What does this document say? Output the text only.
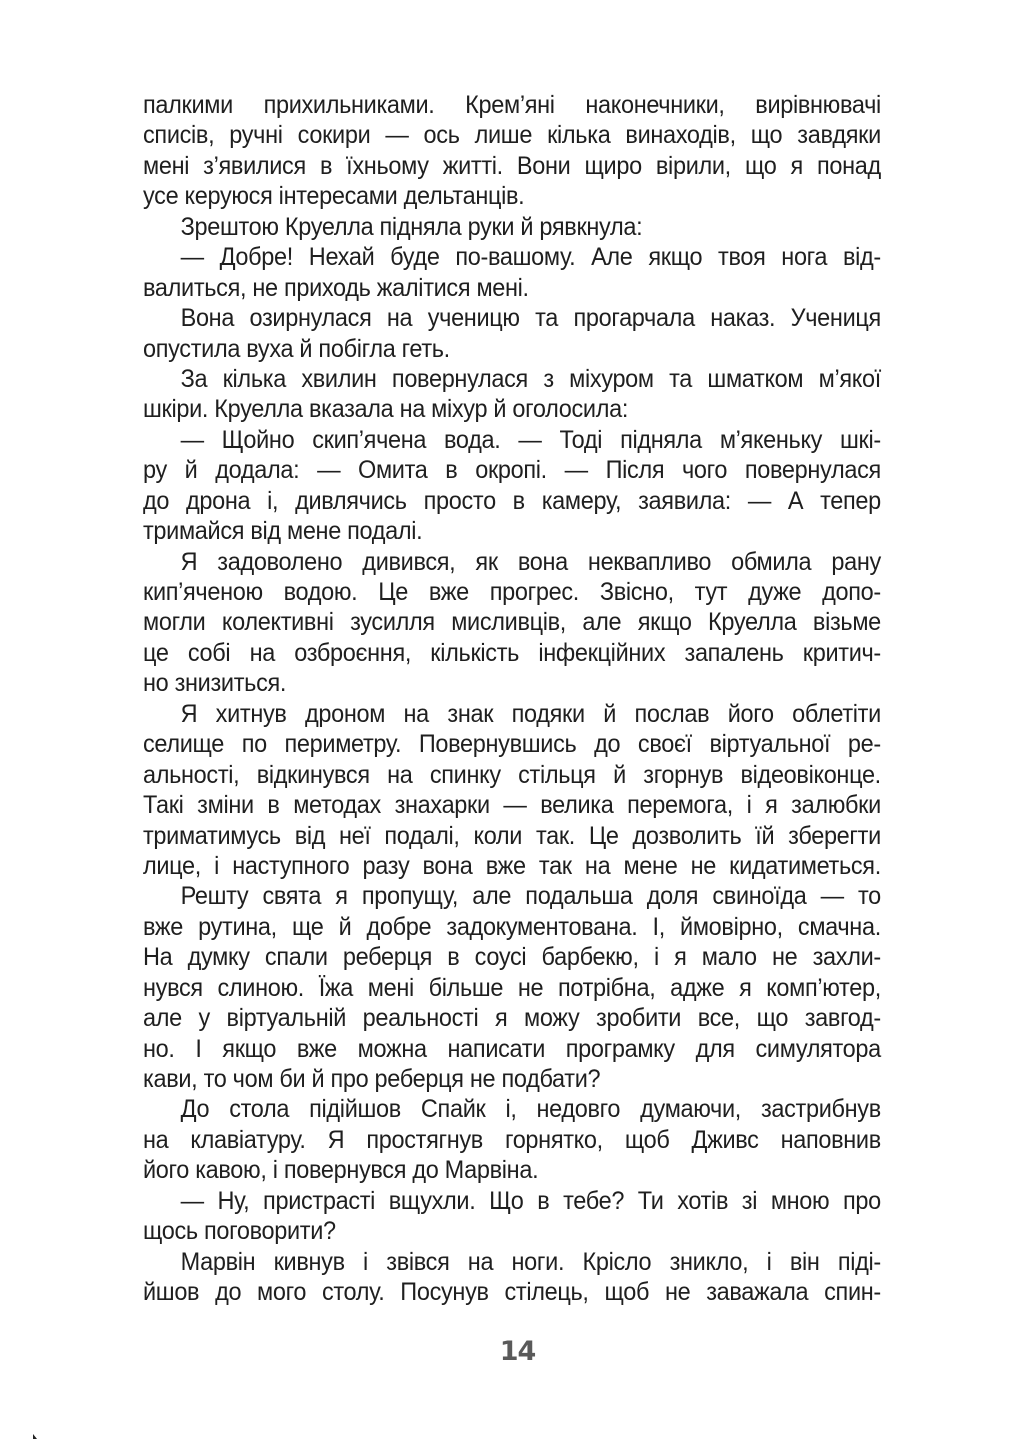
палкими прихильниками. Крем’яні наконечники, вирівнювачі
списів, ручні сокири — ось лише кілька винаходів, що завдяки
мені з’явилися в їхньому житті. Вони щиро вірили, що я понад
усе керуюся інтересами дельтанців.
Зрештою Круелла підняла руки й рявкнула:
— Добре! Нехай буде по-вашому. Але якщо твоя нога від-
валиться, не приходь жалітися мені.
Вона озирнулася на ученицю та прогарчала наказ. Учениця
опустила вуха й побігла геть.
За кілька хвилин повернулася з міхуром та шматком м’якої
шкіри. Круелла вказала на міхур й оголосила:
— Щойно скип’ячена вода. — Тоді підняла м’якеньку шкі-
ру й додала: — Омита в окропі. — Після чого повернулася
до дрона і, дивлячись просто в камеру, заявила: — А тепер
тримайся від мене подалі.
Я задоволено дивився, як вона неквапливо обмила рану
кип’яченою водою. Це вже прогрес. Звісно, тут дуже допо-
могли колективні зусилля мисливців, але якщо Круелла візьме
це собі на озброєння, кількість інфекційних запалень критич-
но знизиться.
Я хитнув дроном на знак подяки й послав його облетіти
селище по периметру. Повернувшись до своєї віртуальної ре-
альності, відкинувся на спинку стільця й згорнув відеовіконце.
Такі зміни в методах знахарки — велика перемога, і я залюбки
триматимусь від неї подалі, коли так. Це дозволить їй зберегти
лице, і наступного разу вона вже так на мене не кидатиметься.
Решту свята я пропущу, але подальша доля свиноїда — то
вже рутина, ще й добре задокументована. І, ймовірно, смачна.
На думку спали реберця в соусі барбекю, і я мало не захли-
нувся слиною. Їжа мені більше не потрібна, адже я комп’ютер,
але у віртуальній реальності я можу зробити все, що завгод-
но. І якщо вже можна написати програмку для симулятора
кави, то чом би й про реберця не подбати?
До стола підійшов Спайк і, недовго думаючи, застрибнув
на клавіатуру. Я простягнув горнятко, щоб Дживс наповнив
його кавою, і повернувся до Марвіна.
— Ну, пристрасті вщухли. Що в тебе? Ти хотів зі мною про
щось поговорити?
Марвін кивнув і звівся на ноги. Крісло зникло, і він піді-
йшов до мого столу. Посунув стілець, щоб не заважала спин-
14
